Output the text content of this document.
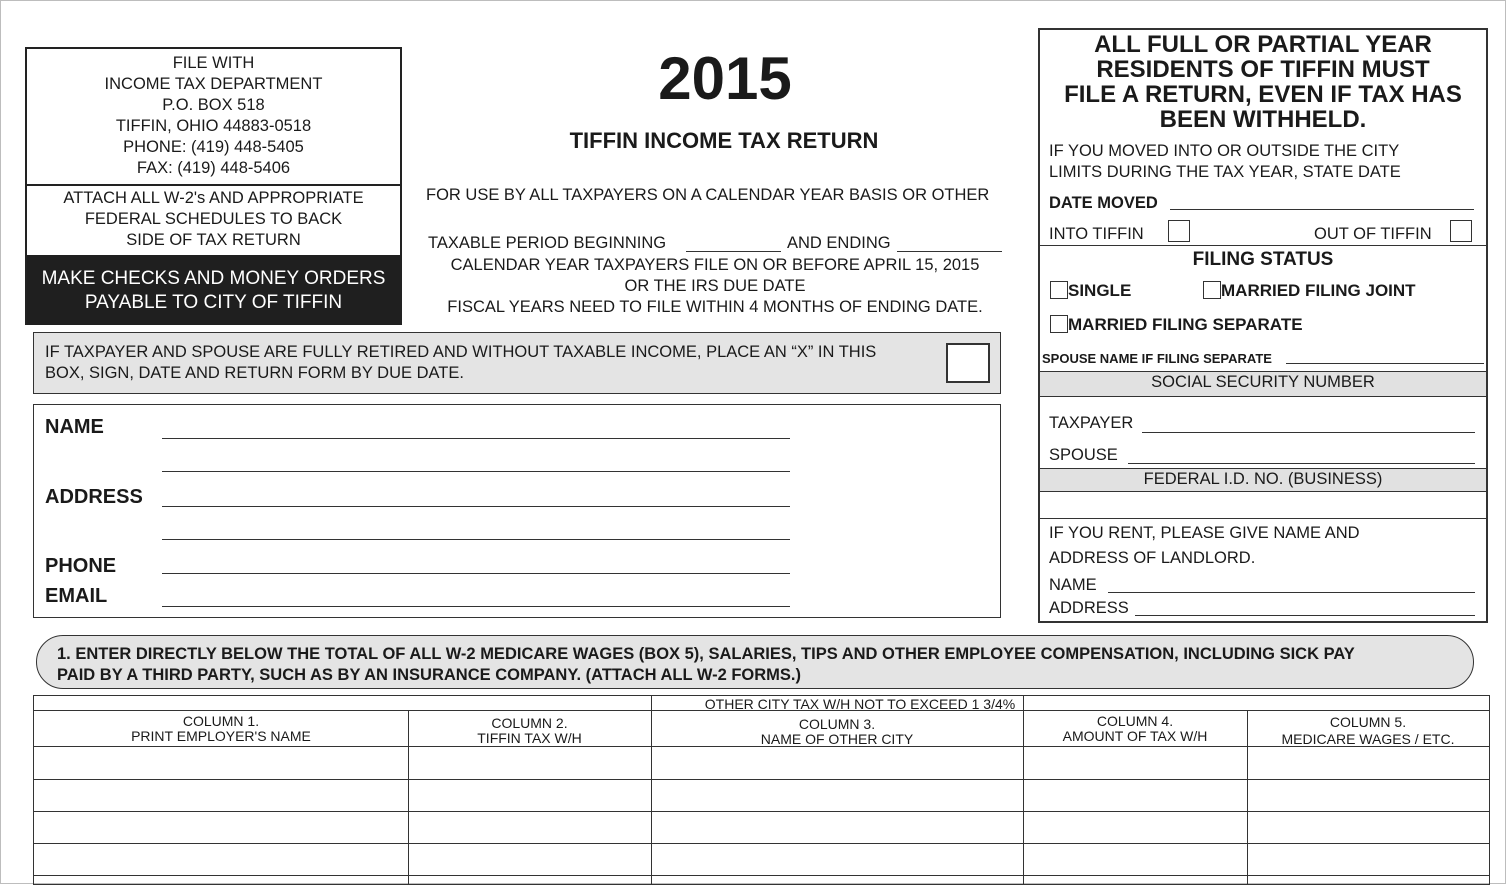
FILE WITH
INCOME TAX DEPARTMENT
P.O. BOX 518
TIFFIN, OHIO 44883-0518
PHONE: (419) 448-5405
FAX: (419) 448-5406
ATTACH ALL W-2's AND APPROPRIATE
FEDERAL SCHEDULES TO BACK
SIDE OF TAX RETURN
MAKE CHECKS AND MONEY ORDERS
PAYABLE TO CITY OF TIFFIN
2015
TIFFIN INCOME TAX RETURN
FOR USE BY ALL TAXPAYERS ON A CALENDAR YEAR BASIS OR OTHER
TAXABLE PERIOD BEGINNING	AND ENDING
CALENDAR YEAR TAXPAYERS FILE ON OR BEFORE APRIL 15, 2015
OR THE IRS DUE DATE
FISCAL YEARS NEED TO FILE WITHIN 4 MONTHS OF ENDING DATE.
ALL FULL OR PARTIAL YEAR
RESIDENTS OF TIFFIN MUST
FILE A RETURN, EVEN IF TAX HAS
BEEN WITHHELD.
IF YOU MOVED INTO OR OUTSIDE THE CITY
LIMITS DURING THE TAX YEAR, STATE DATE
DATE MOVED
INTO TIFFIN	OUT OF TIFFIN
FILING STATUS
SINGLE	MARRIED FILING JOINT
MARRIED FILING SEPARATE
SPOUSE NAME IF FILING SEPARATE
SOCIAL SECURITY NUMBER
TAXPAYER
SPOUSE
FEDERAL I.D. NO. (BUSINESS)
IF YOU RENT, PLEASE GIVE NAME AND
ADDRESS OF LANDLORD.
NAME
ADDRESS
IF TAXPAYER AND SPOUSE ARE FULLY RETIRED AND WITHOUT TAXABLE INCOME, PLACE AN “X” IN THIS
BOX, SIGN, DATE AND RETURN FORM BY DUE DATE.
NAME
ADDRESS
PHONE
EMAIL
1. ENTER DIRECTLY BELOW THE TOTAL OF ALL W-2 MEDICARE WAGES (BOX 5), SALARIES, TIPS AND OTHER EMPLOYEE COMPENSATION, INCLUDING SICK PAY
PAID BY A THIRD PARTY, SUCH AS BY AN INSURANCE COMPANY. (ATTACH ALL W-2 FORMS.)
OTHER CITY TAX W/H NOT TO EXCEED 1 3/4%
COLUMN 1.
PRINT EMPLOYER'S NAME
COLUMN 2.
TIFFIN TAX W/H
COLUMN 3.
NAME OF OTHER CITY
COLUMN 4.
AMOUNT OF TAX W/H
COLUMN 5.
MEDICARE WAGES / ETC.
